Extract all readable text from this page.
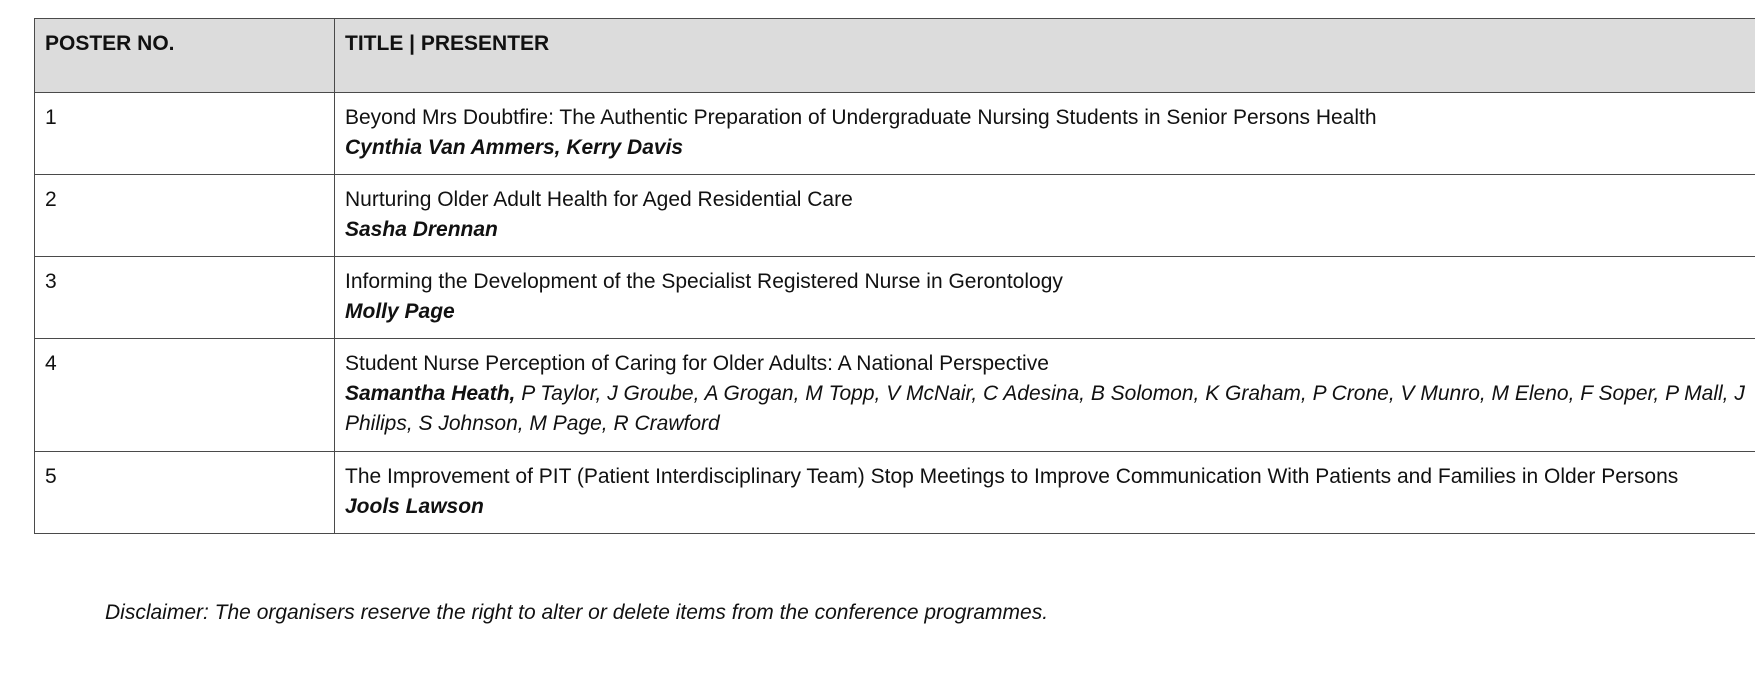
POSTER NO.	TITLE | PRESENTER
1	Beyond Mrs Doubtfire: The Authentic Preparation of Undergraduate Nursing Students in Senior Persons Health
Cynthia Van Ammers, Kerry Davis

2	Nurturing Older Adult Health for Aged Residential Care
Sasha Drennan

3	Informing the Development of the Specialist Registered Nurse in Gerontology
Molly Page

4	Student Nurse Perception of Caring for Older Adults: A National Perspective
Samantha Heath, P Taylor, J Groube, A Grogan, M Topp, V McNair, C Adesina, B Solomon, K Graham, P Crone, V Munro, M Eleno, F Soper, P Mall, J Philips, S Johnson, M Page, R Crawford

5	The Improvement of PIT (Patient Interdisciplinary Team) Stop Meetings to Improve Communication With Patients and Families in Older Persons
Jools Lawson
Disclaimer: The organisers reserve the right to alter or delete items from the conference programmes.
